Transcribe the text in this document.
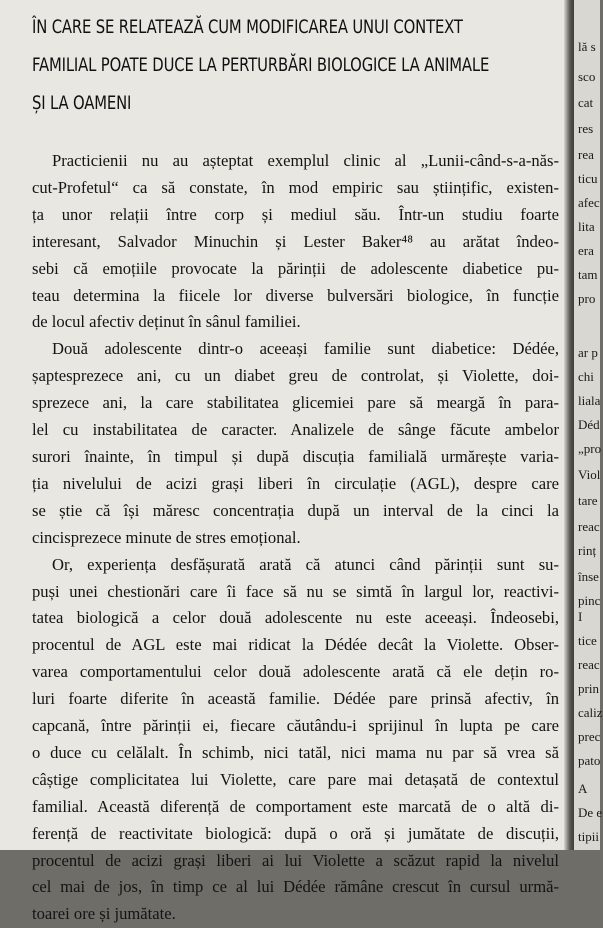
ÎN CARE SE RELATEAZĂ CUM MODIFICAREA UNUI CONTEXT
FAMILIAL POATE DUCE LA PERTURBĂRI BIOLOGICE LA ANIMALE
ȘI LA OAMENI
Practicienii nu au așteptat exemplul clinic al „Lunii-când-s-a-năs-
cut-Profetul“ ca să constate, în mod empiric sau științific, existen-
ța unor relații între corp și mediul său. Într-un studiu foarte
interesant, Salvador Minuchin și Lester Baker⁴⁸ au arătat îndeo-
sebi că emoțiile provocate la părinții de adolescente diabetice pu-
teau determina la fiicele lor diverse bulversări biologice, în funcție
de locul afectiv deținut în sânul familiei.
Două adolescente dintr-o aceeași familie sunt diabetice: Dédée,
șaptesprezece ani, cu un diabet greu de controlat, și Violette, doi-
sprezece ani, la care stabilitatea glicemiei pare să meargă în para-
lel cu instabilitatea de caracter. Analizele de sânge făcute ambelor
surori înainte, în timpul și după discuția familială urmărește varia-
ția nivelului de acizi grași liberi în circulație (AGL), despre care
se știe că își măresc concentrația după un interval de la cinci la
cincisprezece minute de stres emoțional.
Or, experiența desfășurată arată că atunci când părinții sunt su-
puși unei chestionări care îi face să nu se simtă în largul lor, reactivi-
tatea biologică a celor două adolescente nu este aceeași. Îndeosebi,
procentul de AGL este mai ridicat la Dédée decât la Violette. Obser-
varea comportamentului celor două adolescente arată că ele dețin ro-
luri foarte diferite în această familie. Dédée pare prinsă afectiv, în
capcană, între părinții ei, fiecare căutându-i sprijinul în lupta pe care
o duce cu celălalt. În schimb, nici tatăl, nici mama nu par să vrea să
câștige complicitatea lui Violette, care pare mai detașată de contextul
familial. Această diferență de comportament este marcată de o altă di-
ferență de reactivitate biologică: după o oră și jumătate de discuții,
procentul de acizi grași liberi ai lui Violette a scăzut rapid la nivelul
cel mai de jos, în timp ce al lui Dédée rămâne crescut în cursul urmă-
toarei ore și jumătate.
lă s
sco
cat
res
rea
ticu
afec
lita
era
tam
pro
ar p
chi
liala
Déd
„pro
Viol
tare
reac
rinț
înse
pinc
I
tice
reac
prin
caliz
prec
pato
A
De e
tipii
